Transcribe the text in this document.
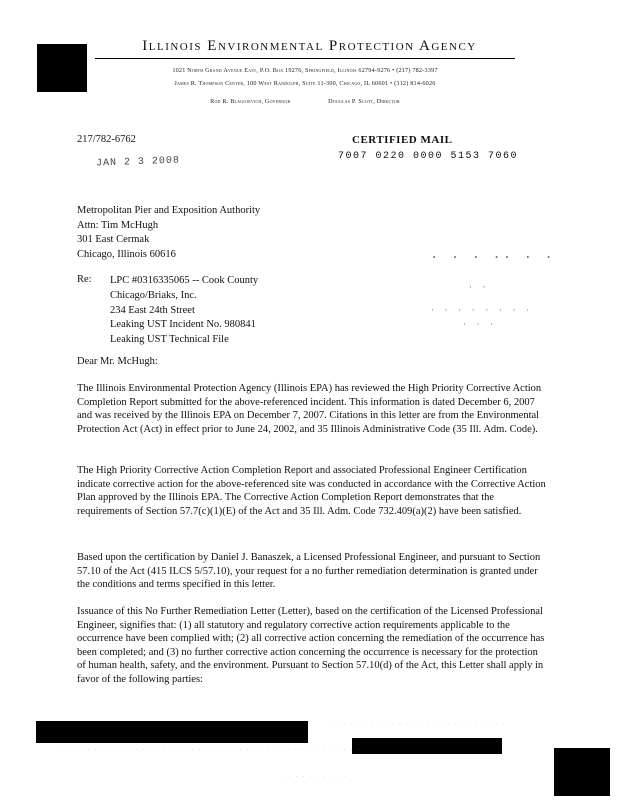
Illinois Environmental Protection Agency
1021 North Grand Avenue East, P.O. Box 19276, Springfield, Illinois 62794-9276 • (217) 782-3397
James R. Thompson Center, 100 West Randolph, Suite 11-300, Chicago, IL 60601 • (312) 814-6026
Rod R. Blagojevich, Governor	Douglas P. Scott, Director
217/782-6762
JAN 2 3 2008
CERTIFIED MAIL
7007 0220 0000 5153 7060
· · · ·· · ·
· ·
· · · · · · · ·
· · ·
Metropolitan Pier and Exposition Authority
Attn: Tim McHugh
301 East Cermak
Chicago, Illinois 60616
Re: LPC #0316335065 -- Cook County
Chicago/Briaks, Inc.
234 East 24th Street
Leaking UST Incident No. 980841
Leaking UST Technical File
Dear Mr. McHugh:
The Illinois Environmental Protection Agency (Illinois EPA) has reviewed the High Priority Corrective Action Completion Report submitted for the above-referenced incident. This information is dated December 6, 2007 and was received by the Illinois EPA on December 7, 2007. Citations in this letter are from the Environmental Protection Act (Act) in effect prior to June 24, 2002, and 35 Illinois Administrative Code (35 Ill. Adm. Code).
The High Priority Corrective Action Completion Report and associated Professional Engineer Certification indicate corrective action for the above-referenced site was conducted in accordance with the Corrective Action Plan approved by the Illinois EPA. The Corrective Action Completion Report demonstrates that the requirements of Section 57.7(c)(1)(E) of the Act and 35 Ill. Adm. Code 732.409(a)(2) have been satisfied.
Based upon the certification by Daniel J. Banaszek, a Licensed Professional Engineer, and pursuant to Section 57.10 of the Act (415 ILCS 5/57.10), your request for a no further remediation determination is granted under the conditions and terms specified in this letter.
Issuance of this No Further Remediation Letter (Letter), based on the certification of the Licensed Professional Engineer, signifies that: (1) all statutory and regulatory corrective action requirements applicable to the occurrence have been complied with; (2) all corrective action concerning the remediation of the occurrence has been completed; and (3) no further corrective action concerning the occurrence is necessary for the protection of human health, safety, and the environment. Pursuant to Section 57.10(d) of the Act, this Letter shall apply in favor of the following parties:
· · · · · · · · · · · · · · · · · · · · · · · · · ·
· · · · · · · · · · · · · · · · · · · · · · · · · · · · · · · · · · · · · · · · · · · ·
· · · · · · · · · ·
